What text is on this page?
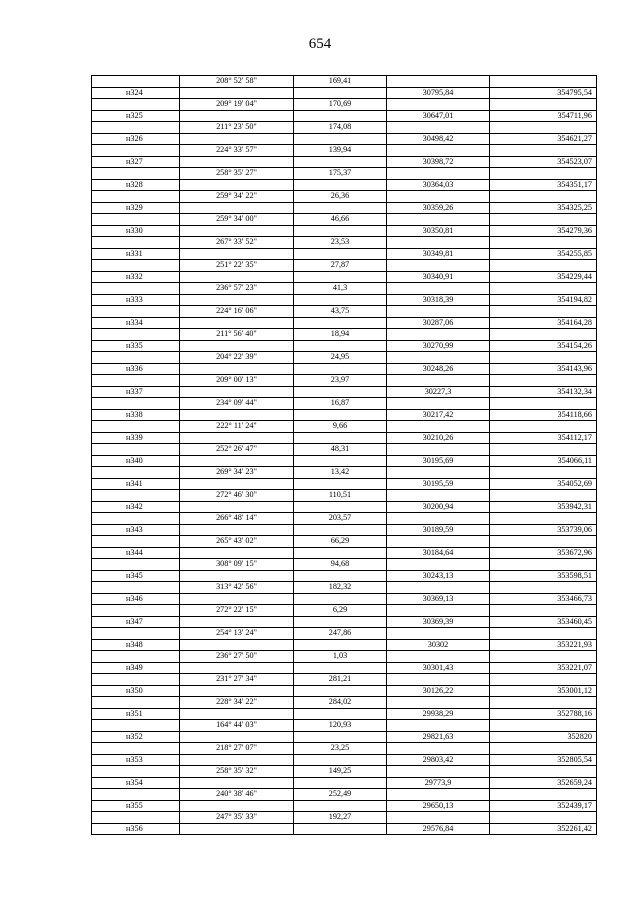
654
	208° 52' 58"	169,41		
н324			30795,84	354795,54
	209° 19' 04"	170,69		
н325			30647,01	354711,96
	211° 23' 50"	174,08		
н326			30498,42	354621,27
	224° 33' 57"	139,94		
н327			30398,72	354523,07
	258° 35' 27"	175,37		
н328			30364,03	354351,17
	259° 34' 22"	26,36		
н329			30359,26	354325,25
	259° 34' 00"	46,66		
н330			30350,81	354279,36
	267° 33' 52"	23,53		
н331			30349,81	354255,85
	251° 22' 35"	27,87		
н332			30340,91	354229,44
	236° 57' 23"	41,3		
н333			30318,39	354194,82
	224° 16' 06"	43,75		
н334			30287,06	354164,28
	211° 56' 40"	18,94		
н335			30270,99	354154,26
	204° 22' 39"	24,95		
н336			30248,26	354143,96
	209° 00' 13"	23,97		
н337			30227,3	354132,34
	234° 09' 44"	16,87		
н338			30217,42	354118,66
	222° 11' 24"	9,66		
н339			30210,26	354112,17
	252° 26' 47"	48,31		
н340			30195,69	354066,11
	269° 34' 23"	13,42		
н341			30195,59	354052,69
	272° 46' 30"	110,51		
н342			30200,94	353942,31
	266° 48' 14"	203,57		
н343			30189,59	353739,06
	265° 43' 02"	66,29		
н344			30184,64	353672,96
	308° 09' 15"	94,68		
н345			30243,13	353598,51
	313° 42' 56"	182,32		
н346			30369,13	353466,73
	272° 22' 15"	6,29		
н347			30369,39	353460,45
	254° 13' 24"	247,86		
н348			30302	353221,93
	236° 27' 50"	1,03		
н349			30301,43	353221,07
	231° 27' 34"	281,21		
н350			30126,22	353001,12
	228° 34' 22"	284,02		
н351			29938,29	352788,16
	164° 44' 03"	120,93		
н352			29821,63	352820
	218° 27' 07"	23,25		
н353			29803,42	352805,54
	258° 35' 32"	149,25		
н354			29773,9	352659,24
	240° 38' 46"	252,49		
н355			29650,13	352439,17
	247° 35' 33"	192,27		
н356			29576,84	352261,42
